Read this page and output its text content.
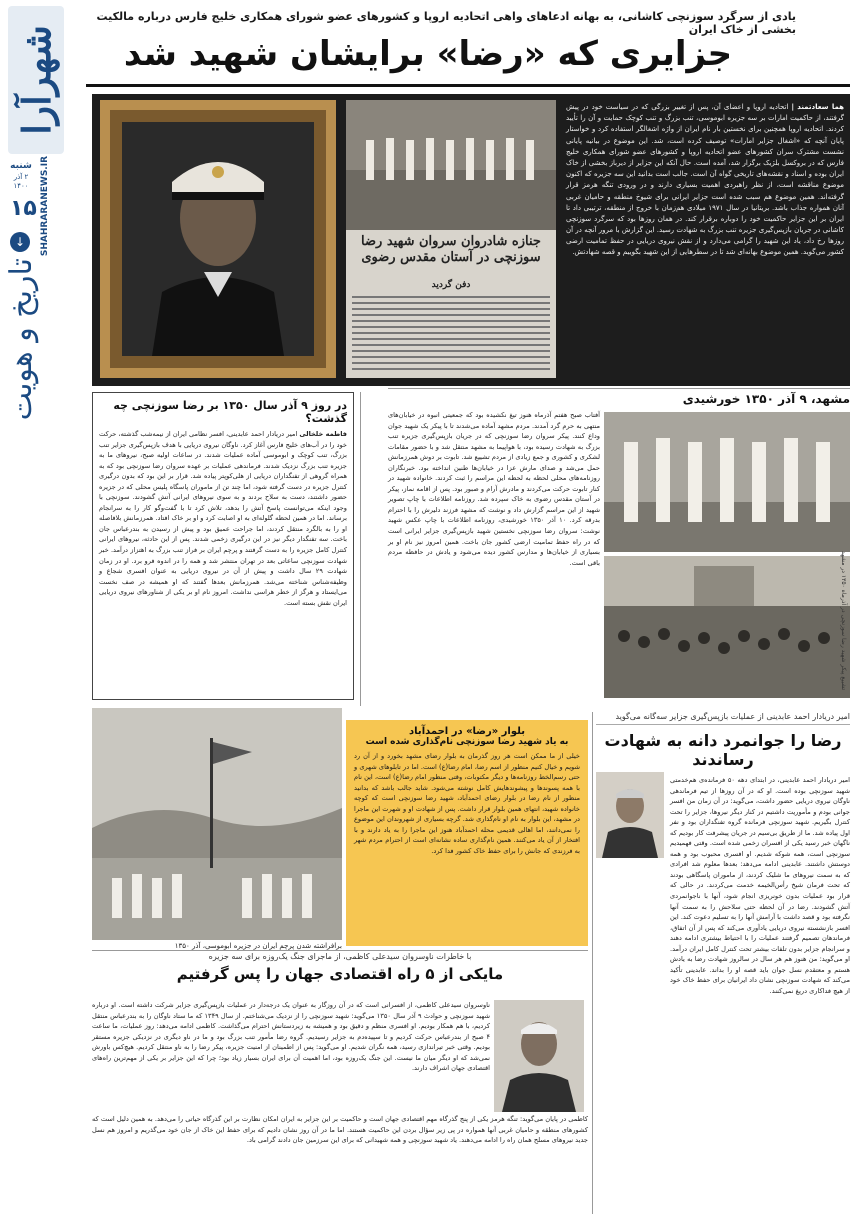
شهرآرا
شنبه
۲ آذر ۱۴۰۰	SHAHRARANEWS.IR
۱۵
↓
تاریخ و هویت
یادی از سرگرد سوزنچی کاشانی، به بهانه ادعاهای واهی اتحادیه اروپا و کشورهای عضو شورای همکاری خلیج فارس درباره مالکیت بخشی از خاک ایران
جزایری که «رضا» برایشان شهید شد
جنازه شادروان سروان شهید رضا سوزنچی در آستان مقدس رضوی
دفن گردید
هما سعادتمند | اتحادیه اروپا و اعضای آن، پس از تغییر بزرگی که در سیاست خود در پیش گرفتند، از حاکمیت امارات بر سه جزیره ابوموسی، تنب بزرگ و تنب کوچک حمایت و آن را تأیید کردند. اتحادیه اروپا همچنین برای نخستین بار نام ایران از واژه اشغالگر استفاده کرد و خواستار پایان آنچه که «اشغال جزایر امارات» توصیف کرده است، شد. این موضوع در بیانیه پایانی نشست مشترک سران کشورهای عضو اتحادیه اروپا و کشورهای عضو شورای همکاری خلیج فارس که در بروکسل بلژیک برگزار شد، آمده است. حال آنکه این جزایر از دیرباز بخشی از خاک ایران بوده و اسناد و نقشه‌های تاریخی گواه آن است. جالب است بدانید این سه جزیره که اکنون موضوع مناقشه است، از نظر راهبردی اهمیت بسیاری دارند و در ورودی تنگه هرمز قرار گرفته‌اند. همین موضوع هم سبب شده است جزایر ایرانی برای شیوخ منطقه و حامیان غربی آنان همواره جذاب باشد. بریتانیا در سال ۱۹۷۱ میلادی هم‌زمان با خروج از منطقه، ترتیبی داد تا ایران بر این جزایر حاکمیت خود را دوباره برقرار کند. در همان روزها بود که سرگرد سوزنچی کاشانی در جریان بازپس‌گیری جزیره تنب بزرگ به شهادت رسید. این گزارش با مرور آنچه در آن روزها رخ داد، یاد این شهید را گرامی می‌دارد و از نقش نیروی دریایی در حفظ تمامیت ارضی کشور می‌گوید. همین موضوع بهانه‌ای شد تا در سطرهایی از این شهید بگوییم و قصه شهادتش.
مشهد، ۹ آذر ۱۳۵۰ خورشیدی
تشییع پیکر شهید رضا سوزنچی در آذرماه ۱۳۵۰ در مشهد
آفتاب صبح هفتم آذرماه هنوز تیغ نکشیده بود که جمعیتی انبوه در خیابان‌های منتهی به حرم گرد آمدند. مردم مشهد آماده می‌شدند تا با پیکر یک شهید جوان وداع کنند. پیکر سروان رضا سوزنچی که در جریان بازپس‌گیری جزیره تنب بزرگ به شهادت رسیده بود، با هواپیما به مشهد منتقل شد و با حضور مقامات لشکری و کشوری و جمع زیادی از مردم تشییع شد. تابوت بر دوش همرزمانش حمل می‌شد و صدای مارش عزا در خیابان‌ها طنین انداخته بود. خبرنگاران روزنامه‌های محلی لحظه به لحظه این مراسم را ثبت کردند. خانواده شهید در کنار تابوت حرکت می‌کردند و مادرش آرام و صبور بود. پس از اقامه نماز، پیکر در آستان مقدس رضوی به خاک سپرده شد. روزنامه اطلاعات با چاپ تصویر شهید از این مراسم گزارش داد و نوشت که مشهد فرزند دلیرش را با احترام بدرقه کرد. ۱۰ آذر ۱۳۵۰ خورشیدی، روزنامه اطلاعات با چاپ عکس شهید نوشت: سروان رضا سوزنچی نخستین شهید بازپس‌گیری جزایر ایرانی است که در راه حفظ تمامیت ارضی کشور جان باخت. همین امروز نیز نام او بر بسیاری از خیابان‌ها و مدارس کشور دیده می‌شود و یادش در حافظه مردم باقی است.
در روز ۹ آذر سال ۱۳۵۰ بر رضا سوزنچی چه گذشت؟
فاطمه خلخالی امیر دریادار احمد عابدینی، افسر نظامی ایران از نیمه‌شب گذشته، حرکت خود را در آب‌های خلیج فارس آغاز کرد. ناوگان نیروی دریایی با هدف بازپس‌گیری جزایر تنب بزرگ، تنب کوچک و ابوموسی آماده عملیات شدند. در ساعات اولیه صبح، نیروهای ما به جزیره تنب بزرگ نزدیک شدند. فرماندهی عملیات بر عهده سروان رضا سوزنچی بود که به همراه گروهی از تفنگداران دریایی از هلی‌کوپتر پیاده شد. قرار بر این بود که بدون درگیری کنترل جزیره در دست گرفته شود، اما چند تن از ماموران پاسگاه پلیس محلی که در جزیره حضور داشتند، دست به سلاح بردند و به سوی نیروهای ایرانی آتش گشودند. سوزنچی با وجود اینکه می‌توانست پاسخ آتش را بدهد، تلاش کرد تا با گفت‌وگو کار را به سرانجام برساند. اما در همین لحظه گلوله‌ای به او اصابت کرد و او بر خاک افتاد. همرزمانش بلافاصله او را به بالگرد منتقل کردند، اما جراحت عمیق بود و پیش از رسیدن به بندرعباس جان باخت. سه تفنگدار دیگر نیز در این درگیری زخمی شدند. پس از این حادثه، نیروهای ایرانی کنترل کامل جزیره را به دست گرفتند و پرچم ایران بر فراز تنب بزرگ به اهتزاز درآمد. خبر شهادت سوزنچی ساعاتی بعد در تهران منتشر شد و همه را در اندوه فرو برد. او در زمان شهادت ۲۹ سال داشت و پیش از آن در نیروی دریایی به عنوان افسری شجاع و وظیفه‌شناس شناخته می‌شد. همرزمانش بعدها گفتند که او همیشه در صف نخست می‌ایستاد و هرگز از خطر هراسی نداشت. امروز نام او بر یکی از شناورهای نیروی دریایی ایران نقش بسته است.
برافراشته شدن پرچم ایران در جزیره ابوموسی، آذر ۱۳۵۰
بلوار «رضا» در احمدآباد
به یاد شهید رضا سوزنچی نام‌گذاری شده است
خیلی از ما ممکن است هر روز گذرمان به بلوار رضای مشهد بخورد و از آن رد شویم و خیال کنیم منظور از اسم رضا، امام رضا(ع) است. اما در تابلوهای شهری و حتی رسم‌الخط روزنامه‌ها و دیگر مکتوبات، وقتی منظور امام رضا(ع) است، این نام با همه پسوندها و پیشوندهایش کامل نوشته می‌شود. شاید جالب باشد که بدانید منظور از نام رضا در بلوار رضای احمدآباد، شهید رضا سوزنچی است که کوچه خانواده شهید، انتهای همین بلوار قرار داشت. پس از شهادت او و شهرت این ماجرا در مشهد، این بلوار به نام او نام‌گذاری شد. گرچه بسیاری از شهروندان این موضوع را نمی‌دانند، اما اهالی قدیمی محله احمدآباد هنوز این ماجرا را به یاد دارند و با افتخار از آن یاد می‌کنند. همین نام‌گذاری ساده نشانه‌ای است از احترام مردم شهر به فرزندی که جانش را برای حفظ خاک کشور فدا کرد.
امیر دریادار احمد عابدینی از عملیات بازپس‌گیری جزایر سه‌گانه می‌گوید
رضا را جوانمرد دانه به شهادت رساندند
امیر دریادار احمد عابدینی، در ابتدای دهه ۵۰ فرمانده‌ی هم‌خدمتی شهید سوزنچی بوده است. او که در آن روزها از تیم فرماندهی ناوگان نیروی دریایی حضور داشت، می‌گوید: در آن زمان من افسر جوانی بودم و مأموریت داشتیم در کنار دیگر نیروها، جزایر را تحت کنترل بگیریم. شهید سوزنچی فرمانده گروه تفنگداران بود و نفر اول پیاده شد. ما از طریق بی‌سیم در جریان پیشرفت کار بودیم که ناگهان خبر رسید یکی از افسران زخمی شده است. وقتی فهمیدیم سوزنچی است، همه شوکه شدیم. او افسری محبوب بود و همه دوستش داشتند. عابدینی ادامه می‌دهد: بعدها معلوم شد افرادی که به سمت نیروهای ما شلیک کردند، از ماموران پاسگاهی بودند که تحت فرمان شیخ رأس‌الخیمه خدمت می‌کردند. در حالی که قرار بود عملیات بدون خونریزی انجام شود، آنها با ناجوانمردی آتش گشودند. رضا در آن لحظه حتی سلاحش را به سمت آنها نگرفته بود و قصد داشت با آرامش آنها را به تسلیم دعوت کند. این افسر بازنشسته نیروی دریایی یادآوری می‌کند که پس از آن اتفاق، فرماندهان تصمیم گرفتند عملیات را با احتیاط بیشتری ادامه دهند و سرانجام جزایر بدون تلفات بیشتر تحت کنترل کامل ایران درآمد. او می‌گوید: من هنوز هم هر سال در سالروز شهادت رضا به یادش هستم و معتقدم نسل جوان باید قصه او را بداند. عابدینی تأکید می‌کند که شهادت سوزنچی نشان داد ایرانیان برای حفظ خاک خود از هیچ فداکاری دریغ نمی‌کنند.
با خاطرات ناوسروان سیدعلی کاظمی، از ماجرای جنگ یک‌روزه برای سه جزیره
مایکی از ۵ راه اقتصادی جهان را پس گرفتیم
ناوسروان سیدعلی کاظمی، از افسرانی است که در آن روزگار به عنوان یک درجه‌دار در عملیات بازپس‌گیری جزایر شرکت داشته است. او درباره شهید سوزنچی و حوادث ۹ آذر سال ۱۳۵۰ می‌گوید: شهید سوزنچی را از نزدیک می‌شناختم. از سال ۱۳۴۹ که ما ستاد ناوگان را به بندرعباس منتقل کردیم، با هم همکار بودیم. او افسری منظم و دقیق بود و همیشه به زیردستانش احترام می‌گذاشت. کاظمی ادامه می‌دهد: روز عملیات، ما ساعت ۴ صبح از بندرعباس حرکت کردیم و تا سپیده‌دم به جزایر رسیدیم. گروه رضا مأمور تنب بزرگ بود و ما در ناو دیگری در نزدیکی جزیره مستقر بودیم. وقتی خبر تیراندازی رسید، همه نگران شدیم. او می‌گوید: پس از اطمینان از امنیت جزیره، پیکر رضا را به ناو منتقل کردیم. هیچ‌کس باورش نمی‌شد که او دیگر میان ما نیست. این جنگ یک‌روزه بود، اما اهمیت آن برای ایران بسیار زیاد بود؛ چرا که این جزایر بر یکی از مهم‌ترین راه‌های اقتصادی جهان اشراف دارند.
کاظمی در پایان می‌گوید: تنگه هرمز یکی از پنج گذرگاه مهم اقتصادی جهان است و حاکمیت بر این جزایر به ایران امکان نظارت بر این گذرگاه حیاتی را می‌دهد. به همین دلیل است که کشورهای منطقه و حامیان غربی آنها همواره در پی زیر سؤال بردن این حاکمیت هستند. اما ما در آن روز نشان دادیم که برای حفظ این خاک از جان خود می‌گذریم و امروز هم نسل جدید نیروهای مسلح همان راه را ادامه می‌دهند. یاد شهید سوزنچی و همه شهیدانی که برای این سرزمین جان دادند گرامی باد.
